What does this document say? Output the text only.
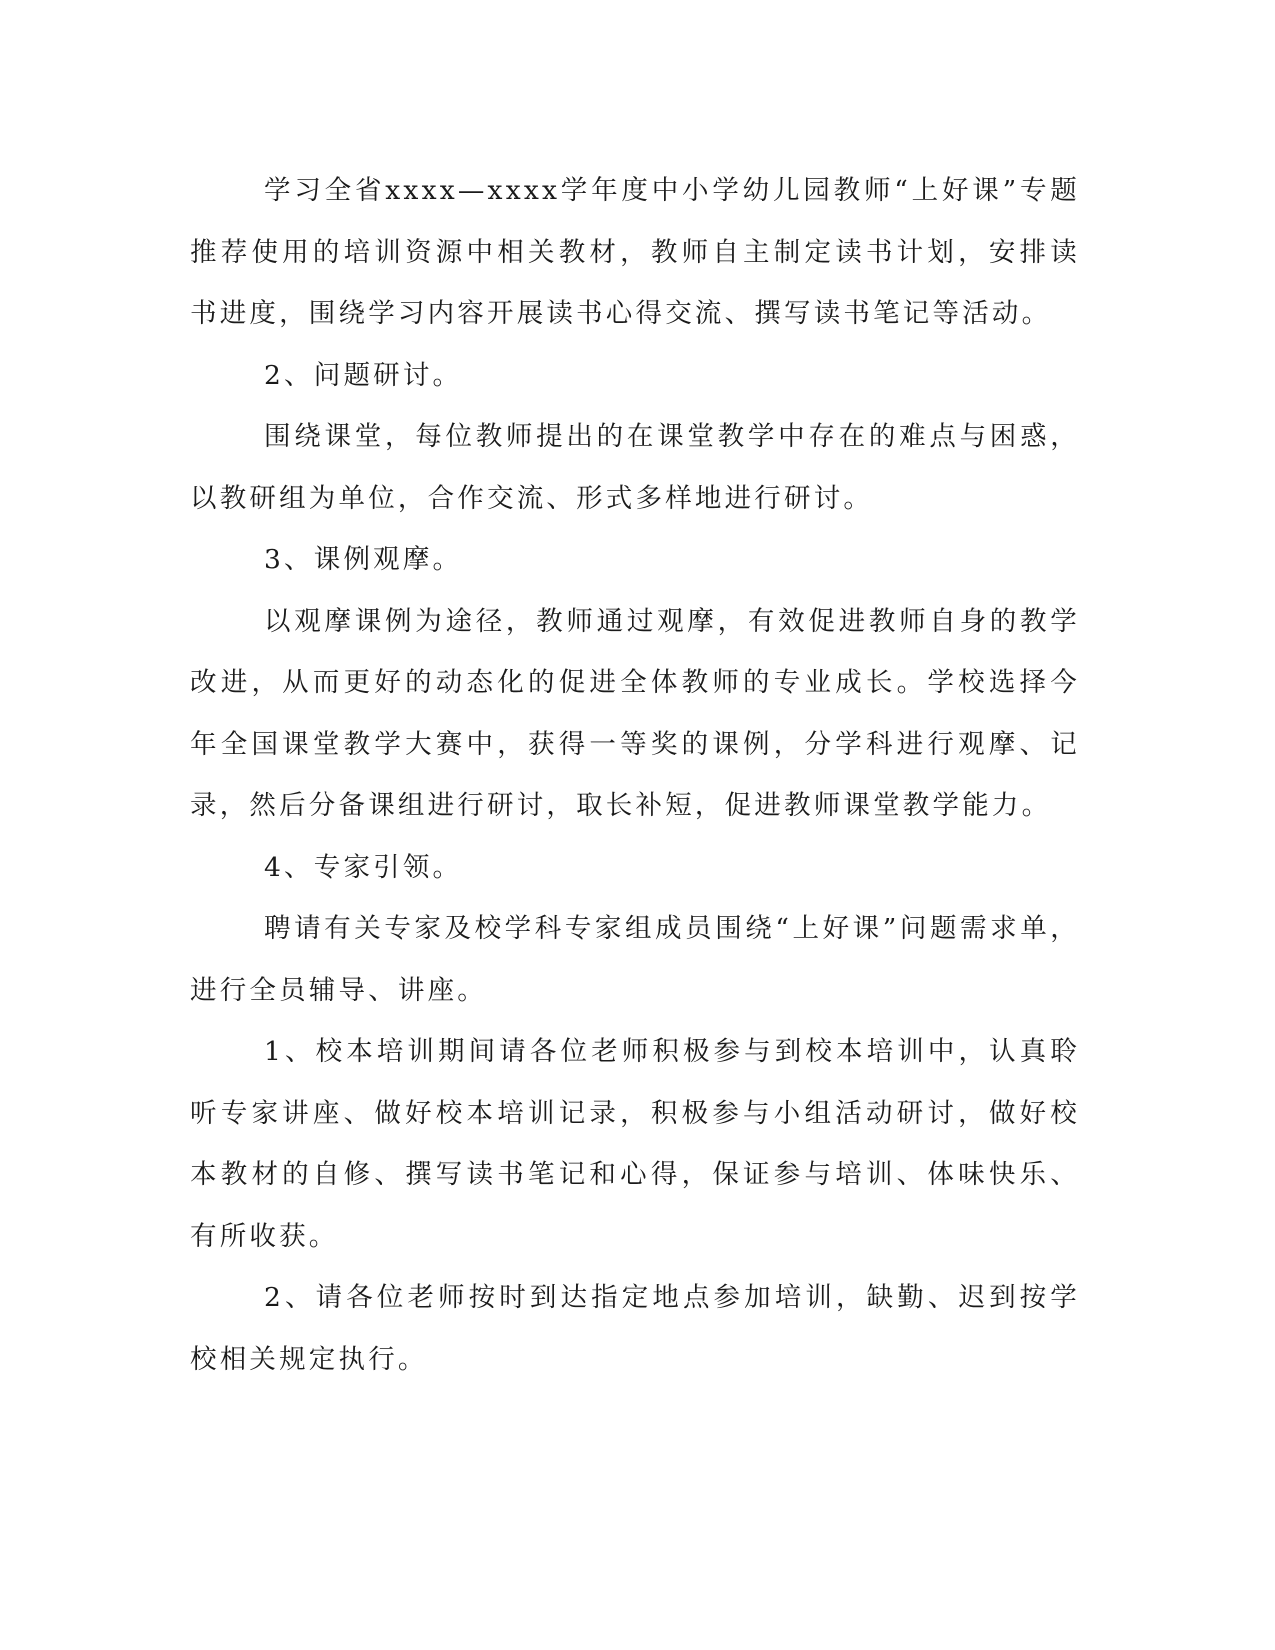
学习全省xxxx—xxxx学年度中小学幼儿园教师“上好课”专题推荐使用的培训资源中相关教材，教师自主制定读书计划，安排读书进度，围绕学习内容开展读书心得交流、撰写读书笔记等活动。

2、问题研讨。

围绕课堂，每位教师提出的在课堂教学中存在的难点与困惑，以教研组为单位，合作交流、形式多样地进行研讨。

3、课例观摩。

以观摩课例为途径，教师通过观摩，有效促进教师自身的教学改进，从而更好的动态化的促进全体教师的专业成长。学校选择今年全国课堂教学大赛中，获得一等奖的课例，分学科进行观摩、记录，然后分备课组进行研讨，取长补短，促进教师课堂教学能力。

4、专家引领。

聘请有关专家及校学科专家组成员围绕“上好课”问题需求单，进行全员辅导、讲座。

1、校本培训期间请各位老师积极参与到校本培训中，认真聆听专家讲座、做好校本培训记录，积极参与小组活动研讨，做好校本教材的自修、撰写读书笔记和心得，保证参与培训、体味快乐、有所收获。

2、请各位老师按时到达指定地点参加培训，缺勤、迟到按学校相关规定执行。
